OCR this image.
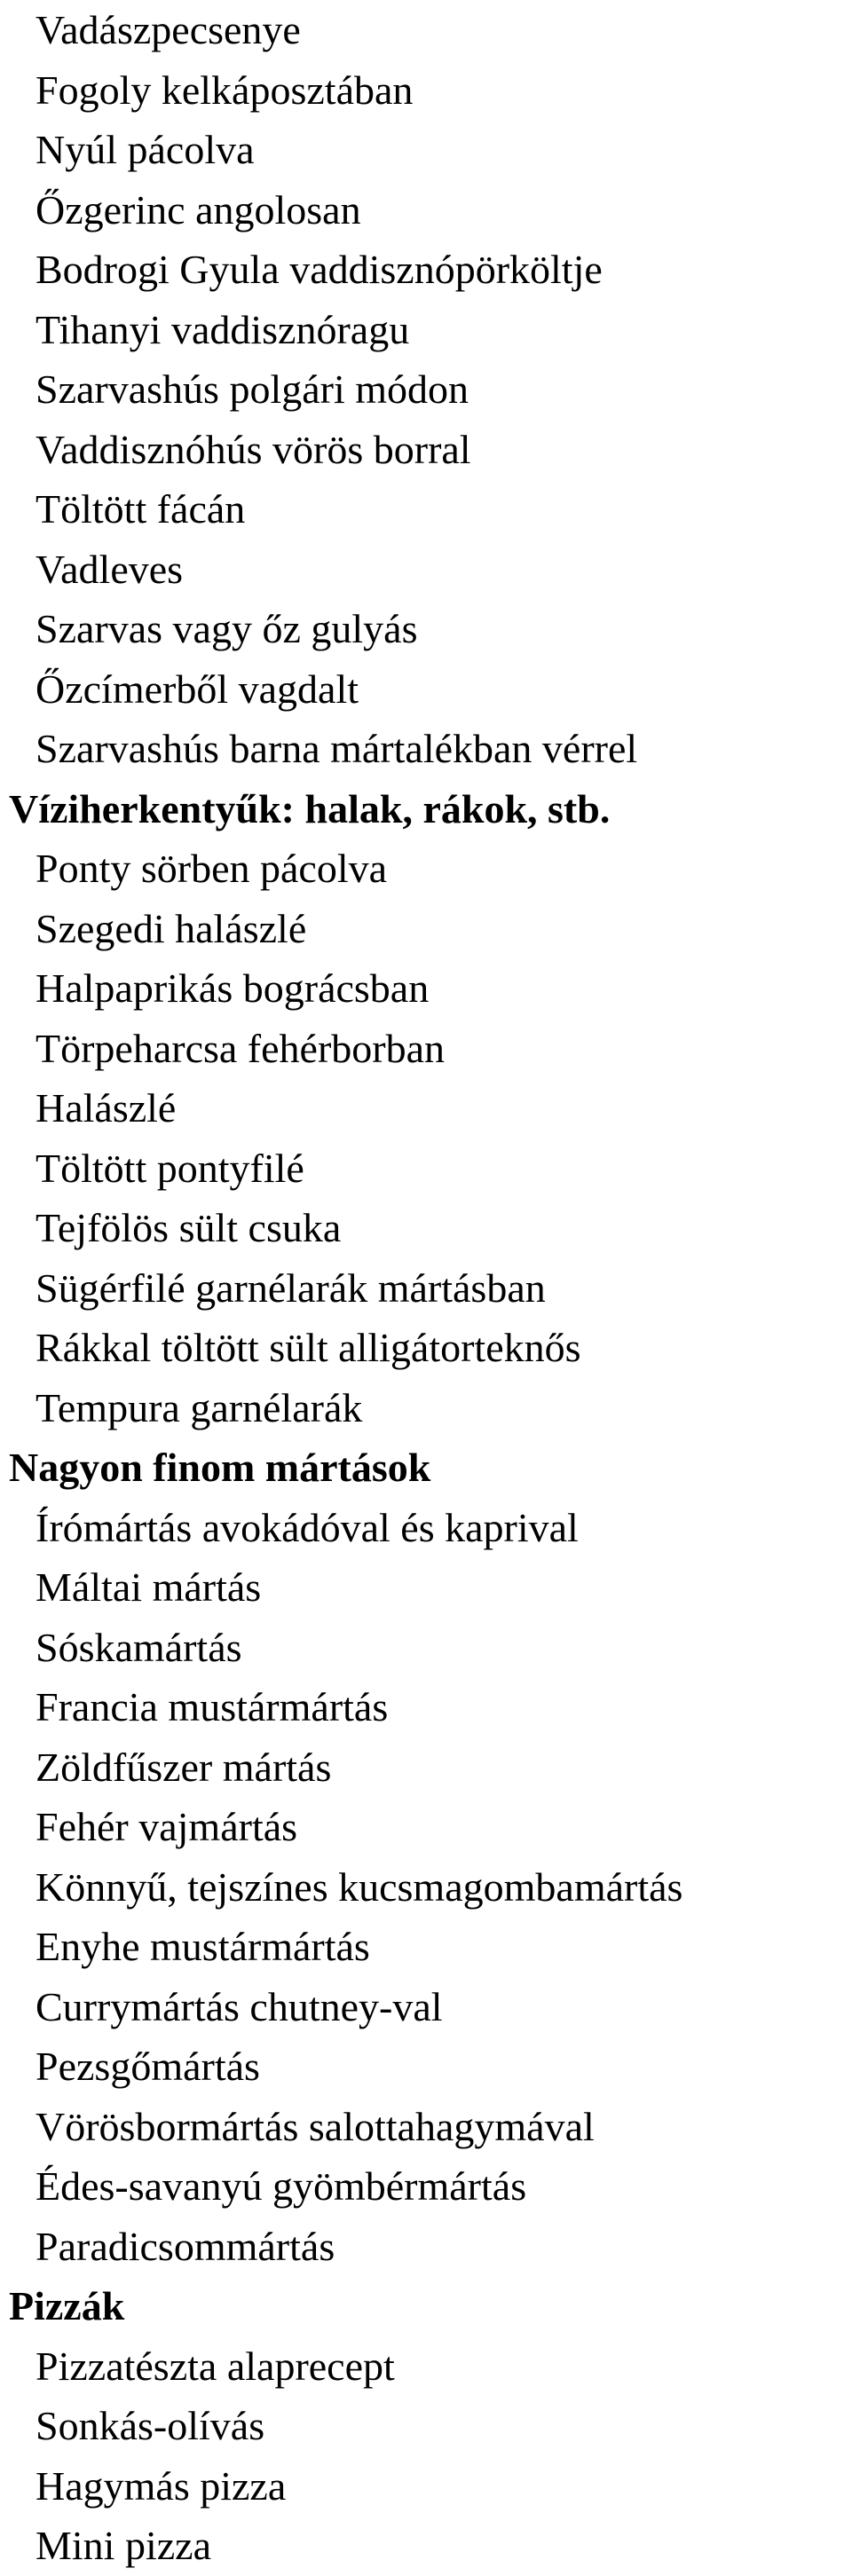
Vadászpecsenye
Fogoly kelkáposztában
Nyúl pácolva
Őzgerinc angolosan
Bodrogi Gyula vaddisznópörköltje
Tihanyi vaddisznóragu
Szarvashús polgári módon
Vaddisznóhús vörös borral
Töltött fácán
Vadleves
Szarvas vagy őz gulyás
Őzcímerből vagdalt
Szarvashús barna mártalékban vérrel
Víziherkentyűk: halak, rákok, stb.
Ponty sörben pácolva
Szegedi halászlé
Halpaprikás bográcsban
Törpeharcsa fehérborban
Halászlé
Töltött pontyfilé
Tejfölös sült csuka
Sügérfilé garnélarák mártásban
Rákkal töltött sült alligátorteknős
Tempura garnélarák
Nagyon finom mártások
Írómártás avokádóval és kaprival
Máltai mártás
Sóskamártás
Francia mustármártás
Zöldfűszer mártás
Fehér vajmártás
Könnyű, tejszínes kucsmagombamártás
Enyhe mustármártás
Currymártás chutney-val
Pezsgőmártás
Vörösbormártás salottahagymával
Édes-savanyú gyömbérmártás
Paradicsommártás
Pizzák
Pizzatészta alaprecept
Sonkás-olívás
Hagymás pizza
Mini pizza
